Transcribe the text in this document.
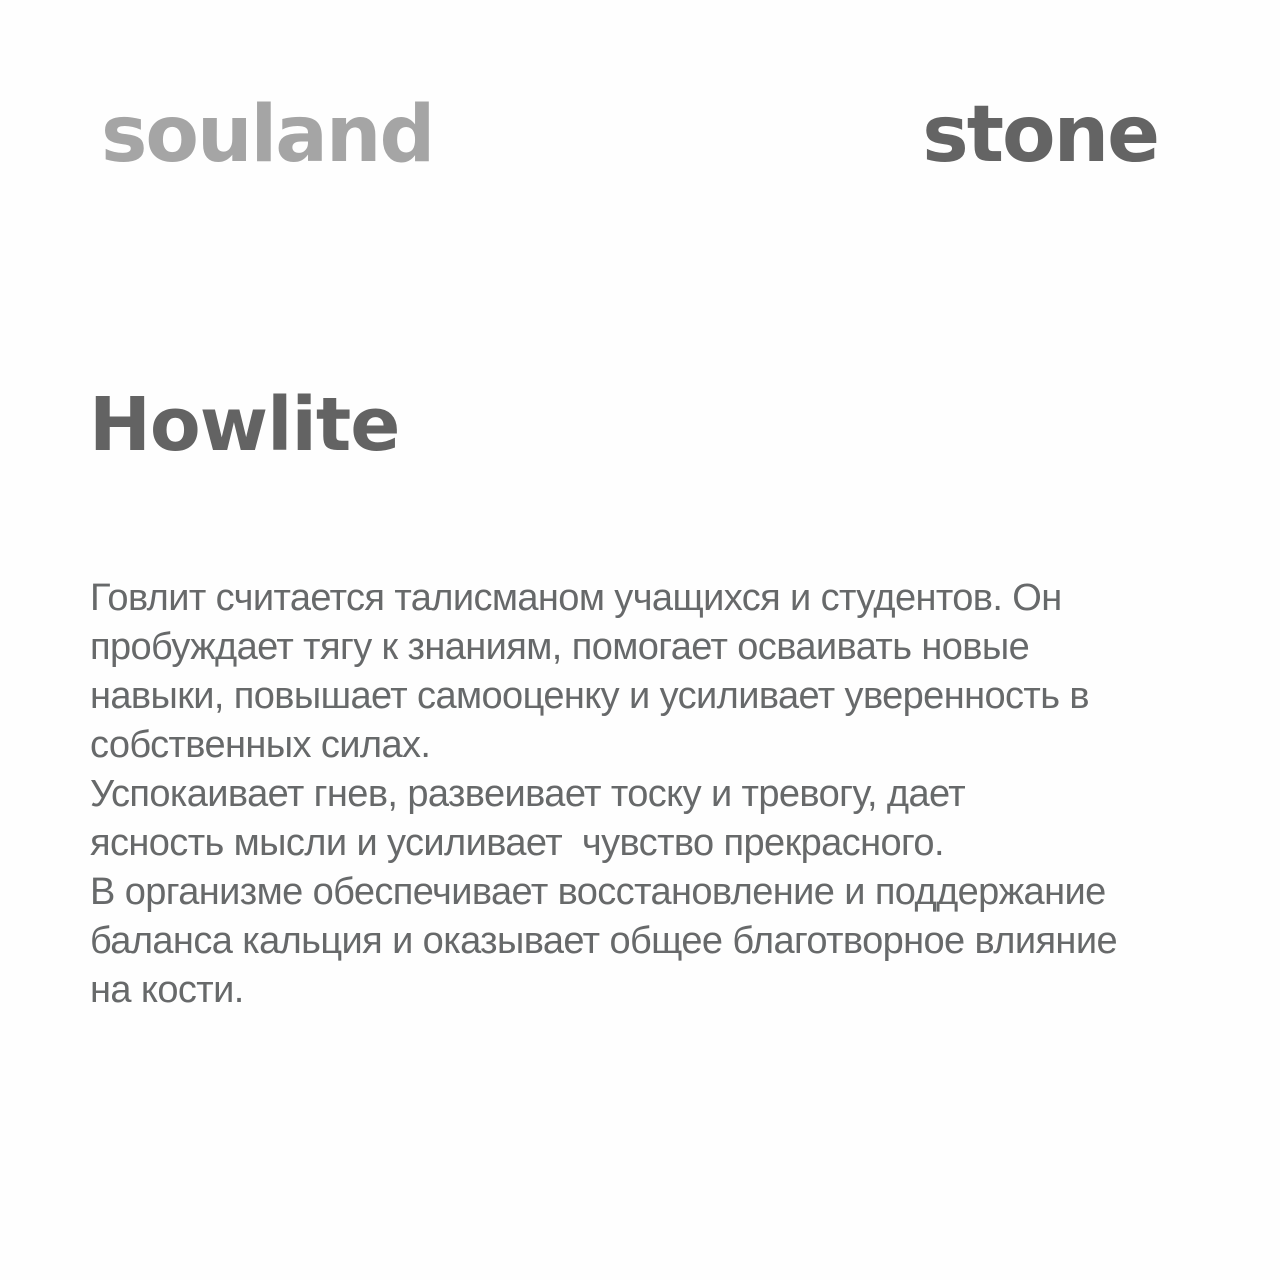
souland	stone
Howlite
Говлит считается талисманом учащихся и студентов. Он
пробуждает тягу к знаниям, помогает осваивать новые
навыки, повышает самооценку и усиливает уверенность в
собственных силах.
Успокаивает гнев, развеивает тоску и тревогу, дает
ясность мысли и усиливает  чувство прекрасного.
В организме обеспечивает восстановление и поддержание
баланса кальция и оказывает общее благотворное влияние
на кости.
